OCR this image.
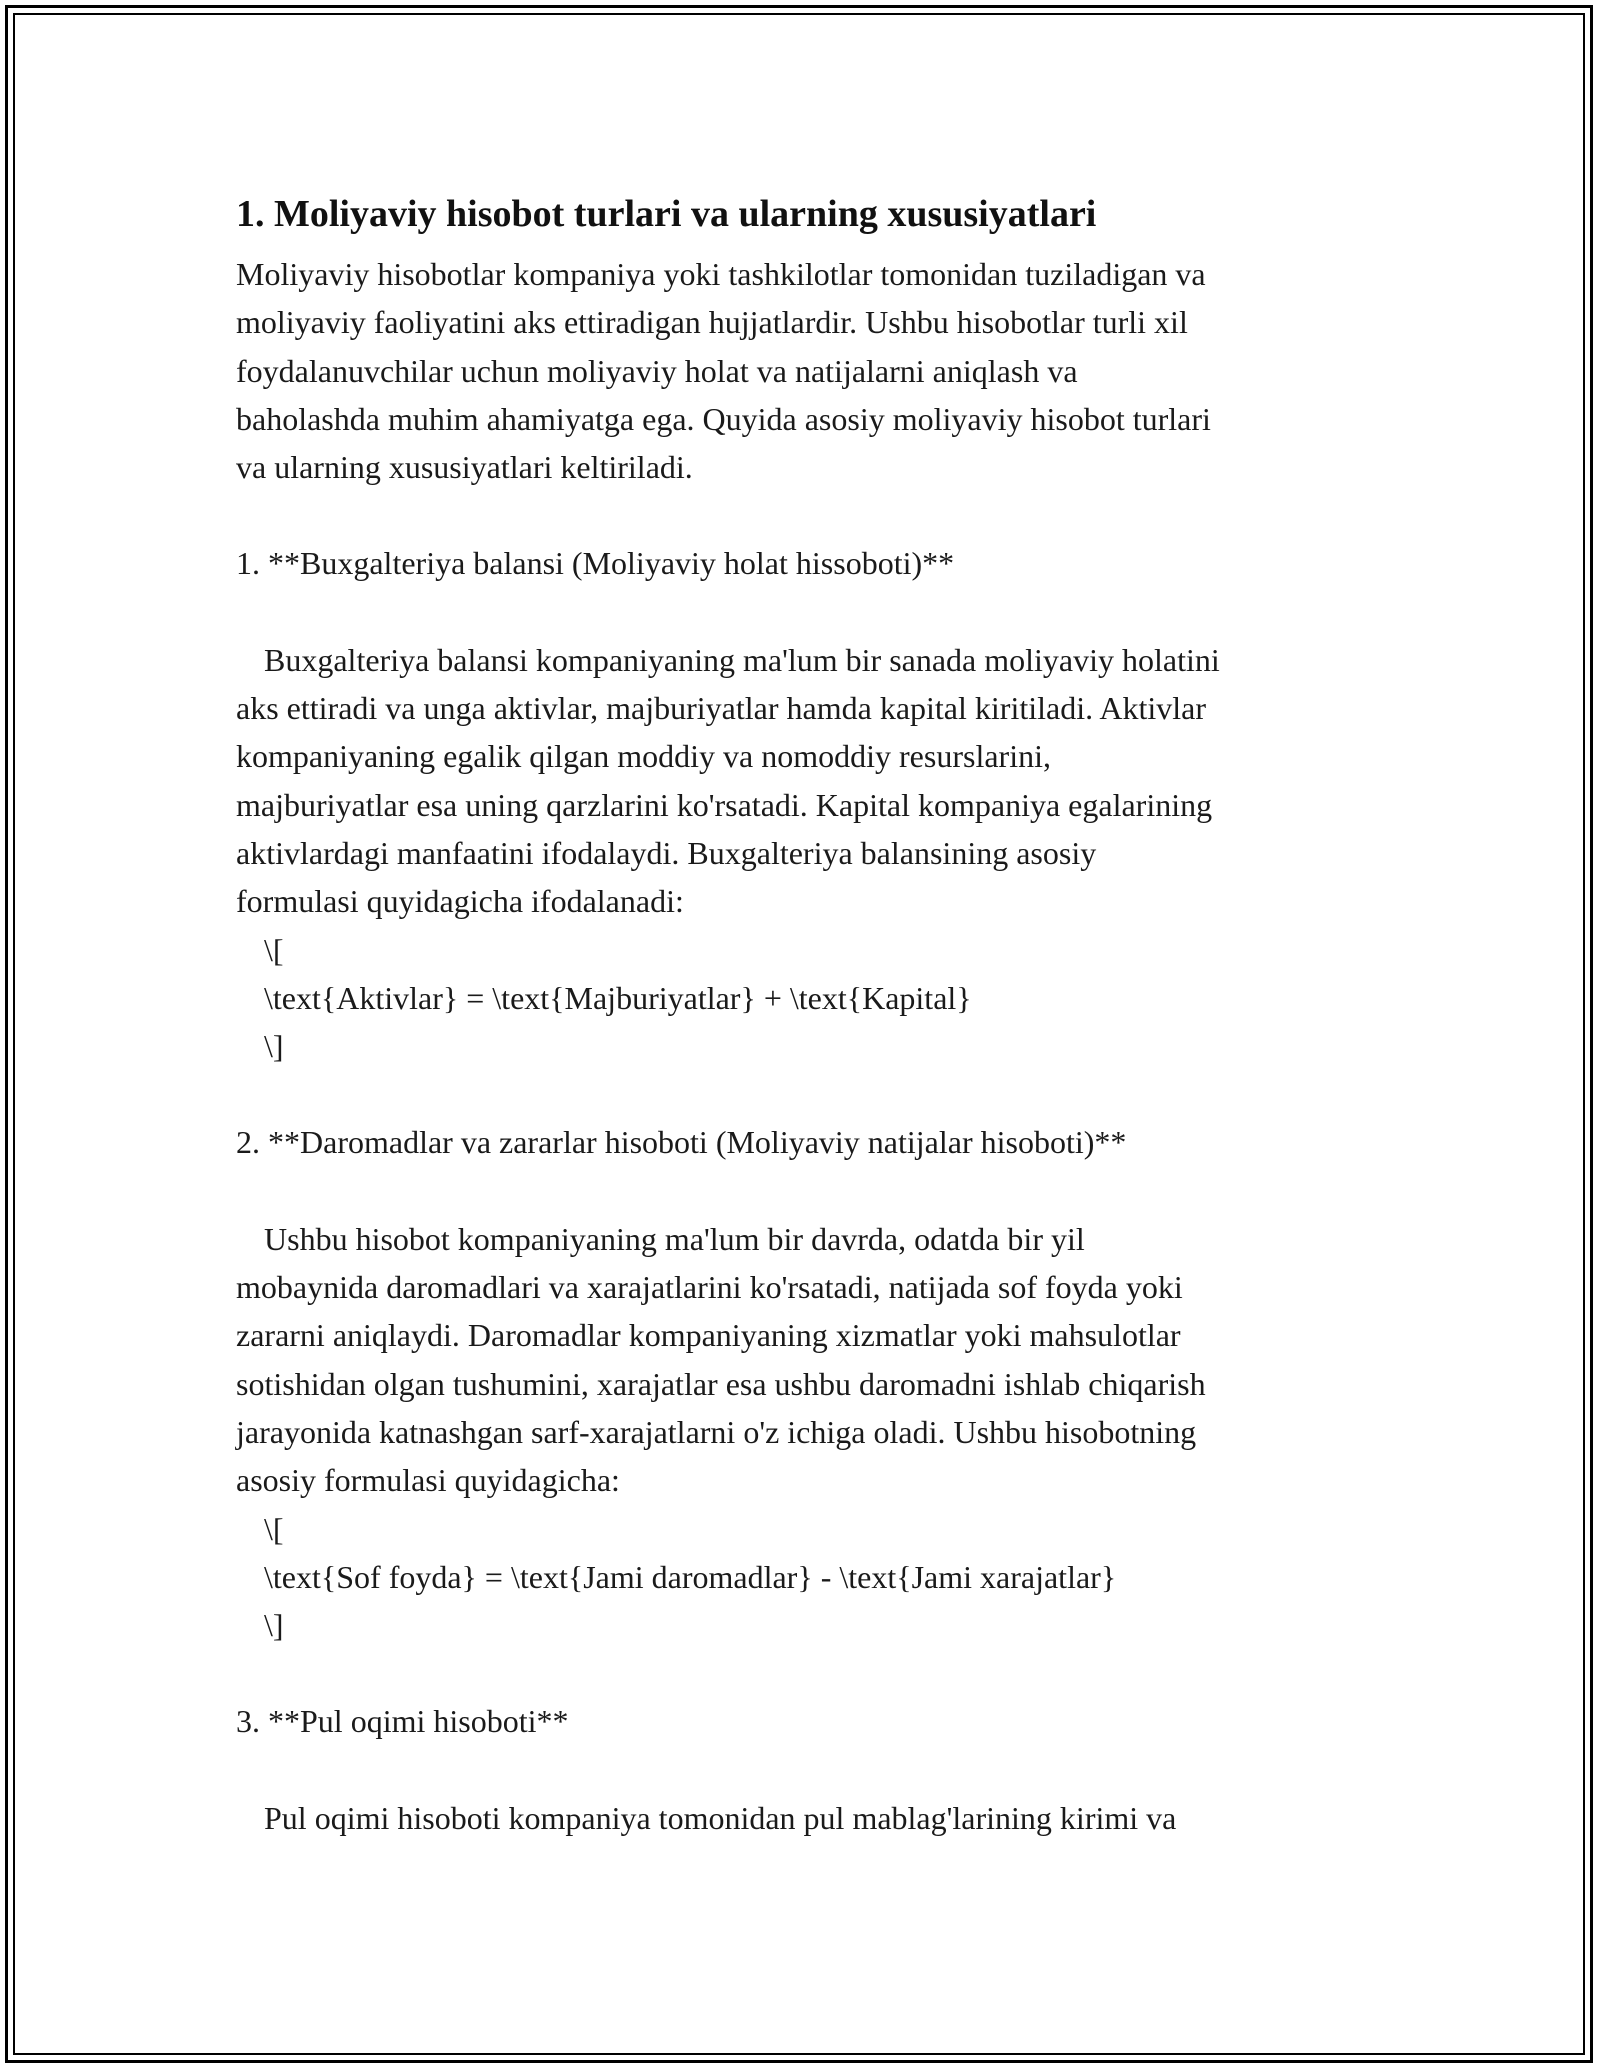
1. Moliyaviy hisobot turlari va ularning xususiyatlari

Moliyaviy hisobotlar kompaniya yoki tashkilotlar tomonidan tuziladigan va
moliyaviy faoliyatini aks ettiradigan hujjatlardir. Ushbu hisobotlar turli xil
foydalanuvchilar uchun moliyaviy holat va natijalarni aniqlash va
baholashda muhim ahamiyatga ega. Quyida asosiy moliyaviy hisobot turlari
va ularning xususiyatlari keltiriladi.

1. **Buxgalteriya balansi (Moliyaviy holat hissoboti)**

Buxgalteriya balansi kompaniyaning ma'lum bir sanada moliyaviy holatini
aks ettiradi va unga aktivlar, majburiyatlar hamda kapital kiritiladi. Aktivlar
kompaniyaning egalik qilgan moddiy va nomoddiy resurslarini,
majburiyatlar esa uning qarzlarini ko'rsatadi. Kapital kompaniya egalarining
aktivlardagi manfaatini ifodalaydi. Buxgalteriya balansining asosiy
formulasi quyidagicha ifodalanadi:

\[

\text{Aktivlar} = \text{Majburiyatlar} + \text{Kapital}

\]

2. **Daromadlar va zararlar hisoboti (Moliyaviy natijalar hisoboti)**

Ushbu hisobot kompaniyaning ma'lum bir davrda, odatda bir yil
mobaynida daromadlari va xarajatlarini ko'rsatadi, natijada sof foyda yoki
zararni aniqlaydi. Daromadlar kompaniyaning xizmatlar yoki mahsulotlar
sotishidan olgan tushumini, xarajatlar esa ushbu daromadni ishlab chiqarish
jarayonida katnashgan sarf-xarajatlarni o'z ichiga oladi. Ushbu hisobotning
asosiy formulasi quyidagicha:

\[

\text{Sof foyda} = \text{Jami daromadlar} - \text{Jami xarajatlar}

\]

3. **Pul oqimi hisoboti**

Pul oqimi hisoboti kompaniya tomonidan pul mablag'larining kirimi va
